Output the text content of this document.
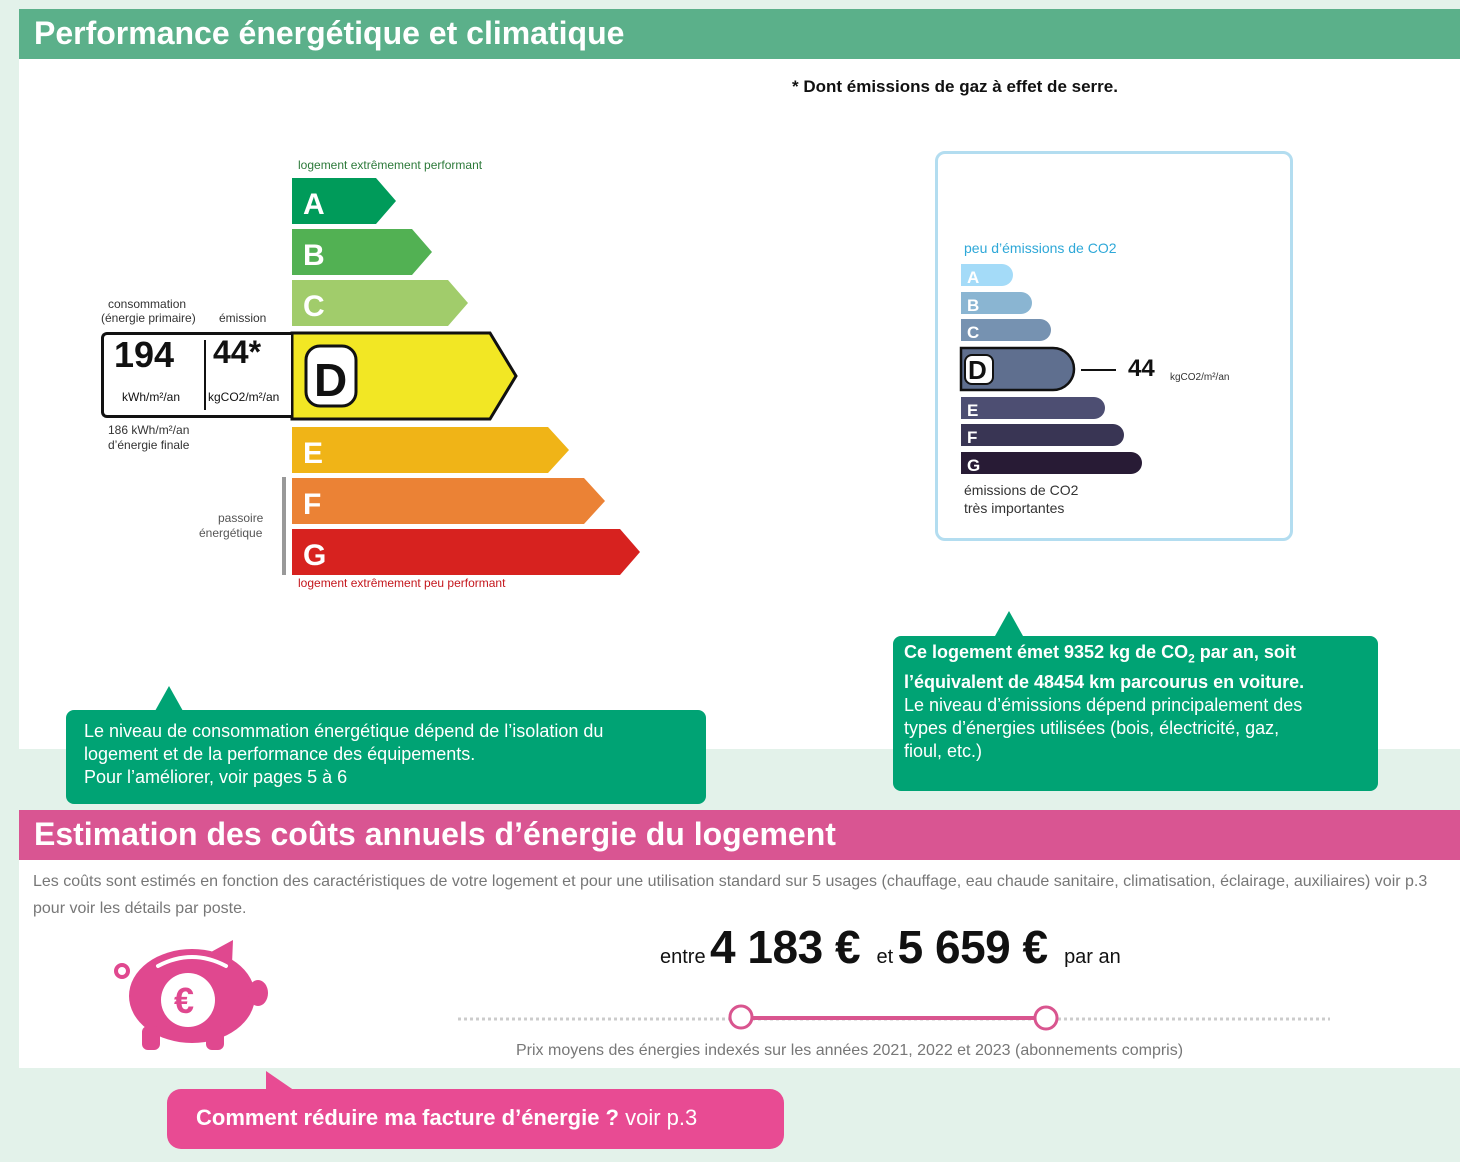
Performance énergétique et climatique
* Dont émissions de gaz à effet de serre.
logement extrêmement performant
A
B
C
D
E
F
G
logement extrêmement peu performant
consommation
(énergie primaire) émission
194 44*
kWh/m²/an kgCO2/m²/an
186 kWh/m²/an
d’énergie finale
passoire
énergétique
peu d’émissions de CO2
A
B
C
D
E
F
G
44 kgCO2/m²/an
émissions de CO2
très importantes
Le niveau de consommation énergétique dépend de l’isolation du
logement et de la performance des équipements.
Pour l’améliorer, voir pages 5 à 6
Ce logement émet 9352 kg de $CO_2$ par an, soit
l’équivalent de 48454 km parcourus en voiture.
Le niveau d’émissions dépend principalement des
types d’énergies utilisées (bois, électricité, gaz,
fioul, etc.)
Estimation des coûts annuels d’énergie du logement
Les coûts sont estimés en fonction des caractéristiques de votre logement et pour une utilisation standard sur 5 usages (chauffage, eau chaude sanitaire, climatisation, éclairage, auxiliaires) voir p.3 pour voir les détails par poste.
€
entre 4 183 € et 5 659 € par an
Prix moyens des énergies indexés sur les années 2021, 2022 et 2023 (abonnements compris)
Comment réduire ma facture d’énergie ? voir p.3
